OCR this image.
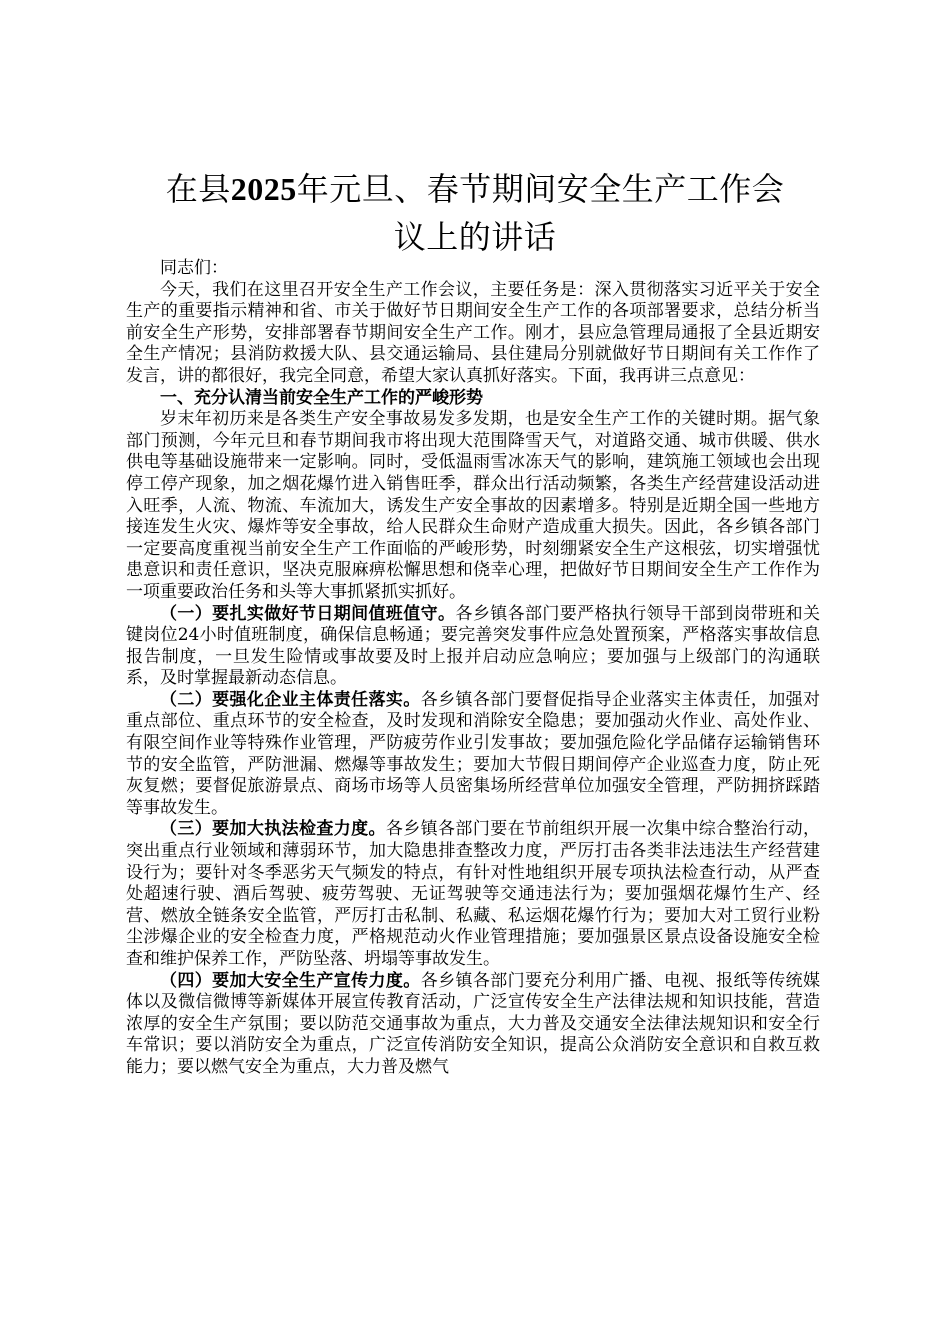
在县2025年元旦、春节期间安全生产工作会
议上的讲话

同志们：

今天，我们在这里召开安全生产工作会议，主要任务是：深入贯彻落实习近平关于安全生产的重要指示精神和省、市关于做好节日期间安全生产工作的各项部署要求，总结分析当前安全生产形势，安排部署春节期间安全生产工作。刚才，县应急管理局通报了全县近期安全生产情况；县消防救援大队、县交通运输局、县住建局分别就做好节日期间有关工作作了发言，讲的都很好，我完全同意，希望大家认真抓好落实。下面，我再讲三点意见：

一、充分认清当前安全生产工作的严峻形势

岁末年初历来是各类生产安全事故易发多发期，也是安全生产工作的关键时期。据气象部门预测，今年元旦和春节期间我市将出现大范围降雪天气，对道路交通、城市供暖、供水供电等基础设施带来一定影响。同时，受低温雨雪冰冻天气的影响，建筑施工领域也会出现停工停产现象，加之烟花爆竹进入销售旺季，群众出行活动频繁，各类生产经营建设活动进入旺季，人流、物流、车流加大，诱发生产安全事故的因素增多。特别是近期全国一些地方接连发生火灾、爆炸等安全事故，给人民群众生命财产造成重大损失。因此，各乡镇各部门一定要高度重视当前安全生产工作面临的严峻形势，时刻绷紧安全生产这根弦，切实增强忧患意识和责任意识，坚决克服麻痹松懈思想和侥幸心理，把做好节日期间安全生产工作作为一项重要政治任务和头等大事抓紧抓实抓好。

（一）要扎实做好节日期间值班值守。各乡镇各部门要严格执行领导干部到岗带班和关键岗位24小时值班制度，确保信息畅通；要完善突发事件应急处置预案，严格落实事故信息报告制度，一旦发生险情或事故要及时上报并启动应急响应；要加强与上级部门的沟通联系，及时掌握最新动态信息。

（二）要强化企业主体责任落实。各乡镇各部门要督促指导企业落实主体责任，加强对重点部位、重点环节的安全检查，及时发现和消除安全隐患；要加强动火作业、高处作业、有限空间作业等特殊作业管理，严防疲劳作业引发事故；要加强危险化学品储存运输销售环节的安全监管，严防泄漏、燃爆等事故发生；要加大节假日期间停产企业巡查力度，防止死灰复燃；要督促旅游景点、商场市场等人员密集场所经营单位加强安全管理，严防拥挤踩踏等事故发生。

（三）要加大执法检查力度。各乡镇各部门要在节前组织开展一次集中综合整治行动，突出重点行业领域和薄弱环节，加大隐患排查整改力度，严厉打击各类非法违法生产经营建设行为；要针对冬季恶劣天气频发的特点，有针对性地组织开展专项执法检查行动，从严查处超速行驶、酒后驾驶、疲劳驾驶、无证驾驶等交通违法行为；要加强烟花爆竹生产、经营、燃放全链条安全监管，严厉打击私制、私藏、私运烟花爆竹行为；要加大对工贸行业粉尘涉爆企业的安全检查力度，严格规范动火作业管理措施；要加强景区景点设备设施安全检查和维护保养工作，严防坠落、坍塌等事故发生。

（四）要加大安全生产宣传力度。各乡镇各部门要充分利用广播、电视、报纸等传统媒体以及微信微博等新媒体开展宣传教育活动，广泛宣传安全生产法律法规和知识技能，营造浓厚的安全生产氛围；要以防范交通事故为重点，大力普及交通安全法律法规知识和安全行车常识；要以消防安全为重点，广泛宣传消防安全知识，提高公众消防安全意识和自救互救能力；要以燃气安全为重点，大力普及燃气
